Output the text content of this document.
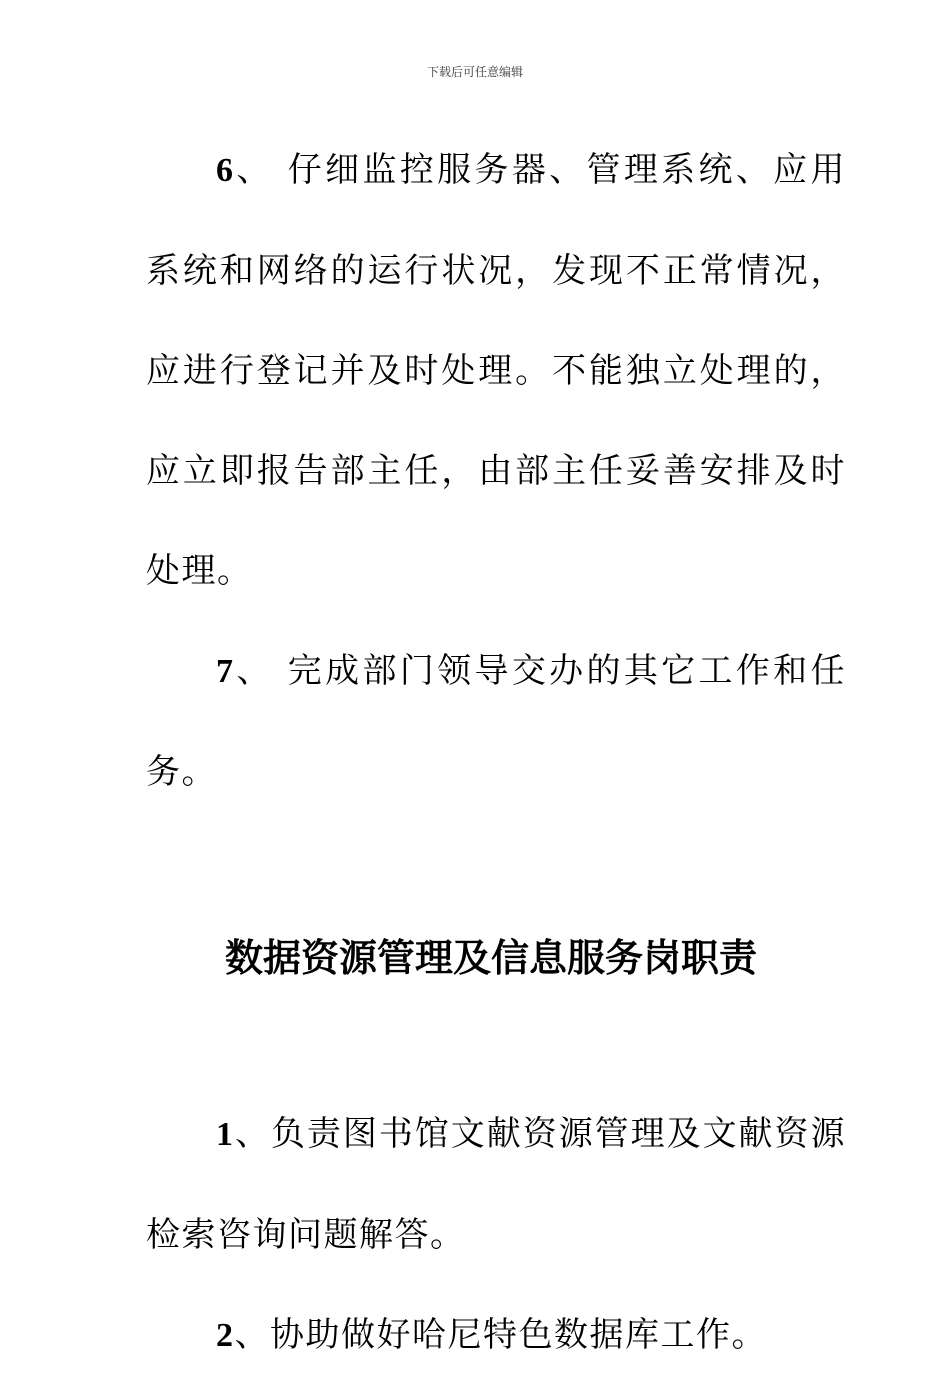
下载后可任意编辑

6、 仔细监控服务器、管理系统、应用系统和网络的运行状况，发现不正常情况，应进行登记并及时处理。不能独立处理的，应立即报告部主任，由部主任妥善安排及时处理。

7、 完成部门领导交办的其它工作和任务。

数据资源管理及信息服务岗职责

1、负责图书馆文献资源管理及文献资源检索咨询问题解答。

2、协助做好哈尼特色数据库工作。
